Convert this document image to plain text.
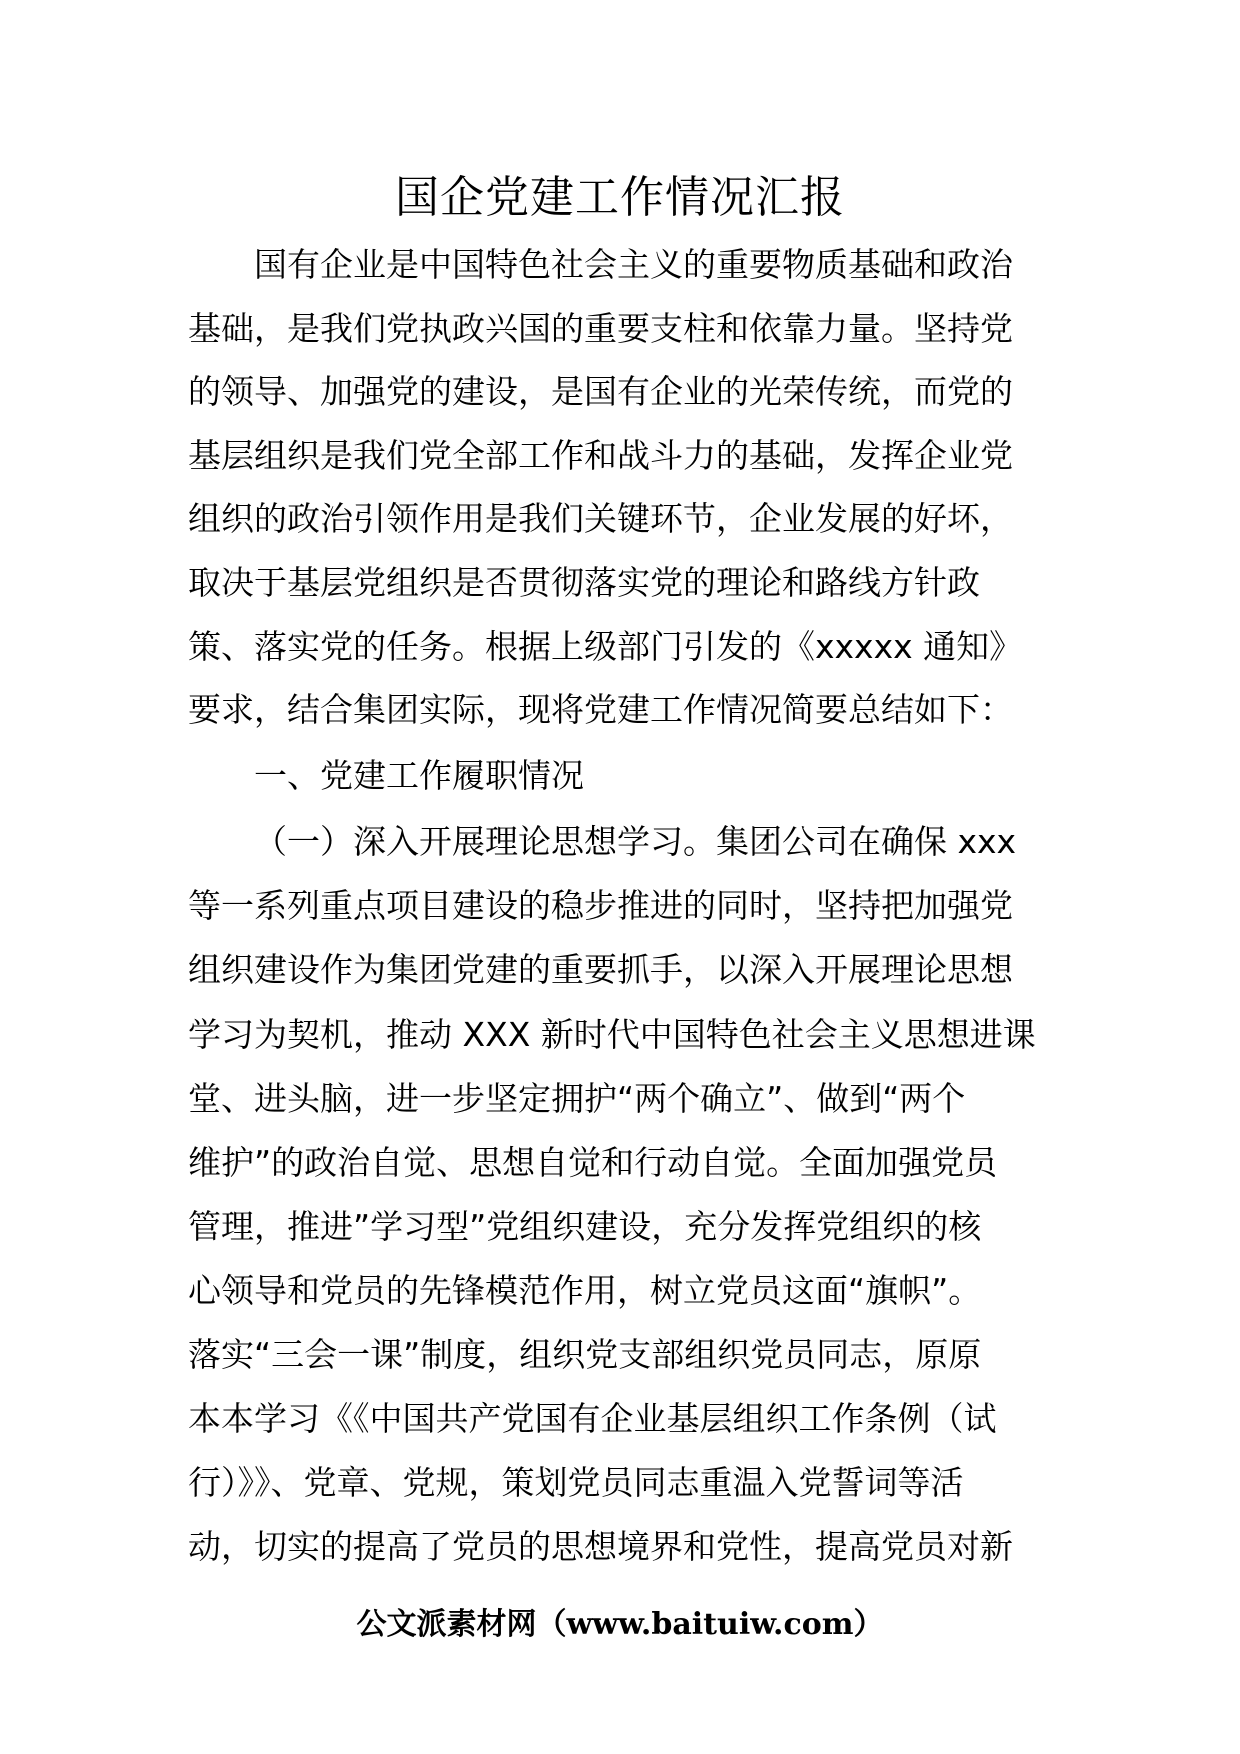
国企党建工作情况汇报
国有企业是中国特色社会主义的重要物质基础和政治
基础，是我们党执政兴国的重要支柱和依靠力量。坚持党
的领导、加强党的建设，是国有企业的光荣传统，而党的
基层组织是我们党全部工作和战斗力的基础，发挥企业党
组织的政治引领作用是我们关键环节，企业发展的好坏，
取决于基层党组织是否贯彻落实党的理论和路线方针政
策、落实党的任务。根据上级部门引发的《xxxxx 通知》
要求，结合集团实际，现将党建工作情况简要总结如下：
一、党建工作履职情况
（一）深入开展理论思想学习。集团公司在确保 xxx
等一系列重点项目建设的稳步推进的同时，坚持把加强党
组织建设作为集团党建的重要抓手，以深入开展理论思想
学习为契机，推动 XXX 新时代中国特色社会主义思想进课
堂、进头脑，进一步坚定拥护“两个确立”、做到“两个
维护”的政治自觉、思想自觉和行动自觉。全面加强党员
管理，推进”学习型”党组织建设，充分发挥党组织的核
心领导和党员的先锋模范作用，树立党员这面“旗帜”。
落实“三会一课”制度，组织党支部组织党员同志，原原
本本学习《《中国共产党国有企业基层组织工作条例（试
行）》》、党章、党规，策划党员同志重温入党誓词等活
动，切实的提高了党员的思想境界和党性，提高党员对新
公文派素材网（www.baituiw.com）
